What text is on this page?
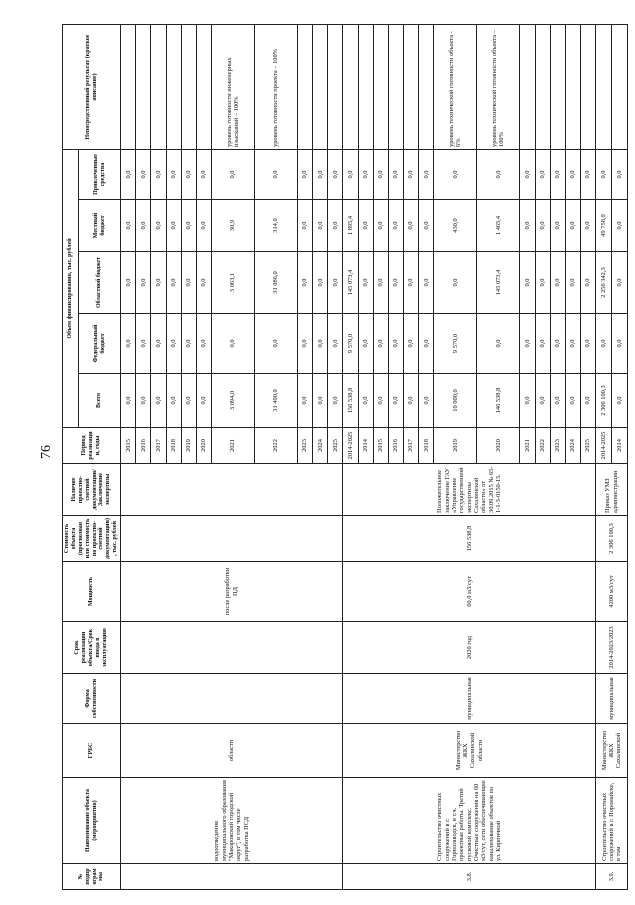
76
№ подпр ограм мы	Наименование объекта (мероприятия)	ГРБС	Форма собственности	Срок реализации объекта/Срок ввода в эксплуатацию	Мощность	Стоимость объекта (прогнозная или стоимость по проектно-сметной документации), тыс. рублей	Наличие проектно-сметной документации/Заключение экспертизы	Период реализации, годы	Объем финансирования, тыс. рублей					Непосредственный результат (краткое описание)
									Всего	Федеральный бюджет	Областной бюджет	Местный бюджет	Привлеченные средства	
	водоотведения муниципального образования "Макаровский городской округ", в том числе разработка ПСД	области			после разработки ПД			2015	0,0	0,0	0,0	0,0	0,0	
								2016	0,0	0,0	0,0	0,0	0,0	
								2017	0,0	0,0	0,0	0,0	0,0	
								2018	0,0	0,0	0,0	0,0	0,0	
								2019	0,0	0,0	0,0	0,0	0,0	
								2020	0,0	0,0	0,0	0,0	0,0	
								2021	3 094,0	0,0	3 063,1	30,9	0,0	уровень готовности инженерных изысканий – 100%
								2022	31 400,0	0,0	31 086,0	314,0	0,0	уровень готовности проекта – 100%
								2023	0,0	0,0	0,0	0,0	0,0	
								2024	0,0	0,0	0,0	0,0	0,0	
								2025	0,0	0,0	0,0	0,0	0,0	
3.8.	Строительство очистных сооружений в г. Горнозаводск, в т.ч. проектные работы. Третий пусковой комплекс. Очистные сооружения на 60 м3/сут, сети обеспечивающие канализование объектов по ул. Кирпичной	Министерство ЖКХ Сахалинской области	муниципальная	2020 год	60,0 м3/сут	156 538,8	Положительное заключение ГАУ «Управление государственной экспертизы Сахалинской области» от 30.09.2015 № 65-1-1-3-0150-15.	2014-2025	156 538,8	9 570,0	145 073,4	1 895,4	0,0	
								2014	0,0	0,0	0,0	0,0	0,0	
								2015	0,0	0,0	0,0	0,0	0,0	
								2016	0,0	0,0	0,0	0,0	0,0	
								2017	0,0	0,0	0,0	0,0	0,0	
								2018	0,0	0,0	0,0	0,0	0,0	
								2019	10 000,0	9 570,0	0,0	430,0	0,0	уровень технической готовности объекта - 6%
								2020	146 538,8	0,0	145 073,4	1 465,4	0,0	уровень технической готовности объекта – 100%
								2021	0,0	0,0	0,0	0,0	0,0	
								2022	0,0	0,0	0,0	0,0	0,0	
								2023	0,0	0,0	0,0	0,0	0,0	
								2024	0,0	0,0	0,0	0,0	0,0	
								2025	0,0	0,0	0,0	0,0	0,0	
3.9.	Строительство очистных сооружений в г. Поронайске, в том	Министерство ЖКХ Сахалинской	муниципальная	2014-2023/2023	4200 м3/сут	2 306 100,3	Приказ УМЗ администрации	2014-2025	2 306 100,3	0,0	2 256 342,3	49 758,0	0,0	
								2014	0,0	0,0	0,0	0,0	0,0	
